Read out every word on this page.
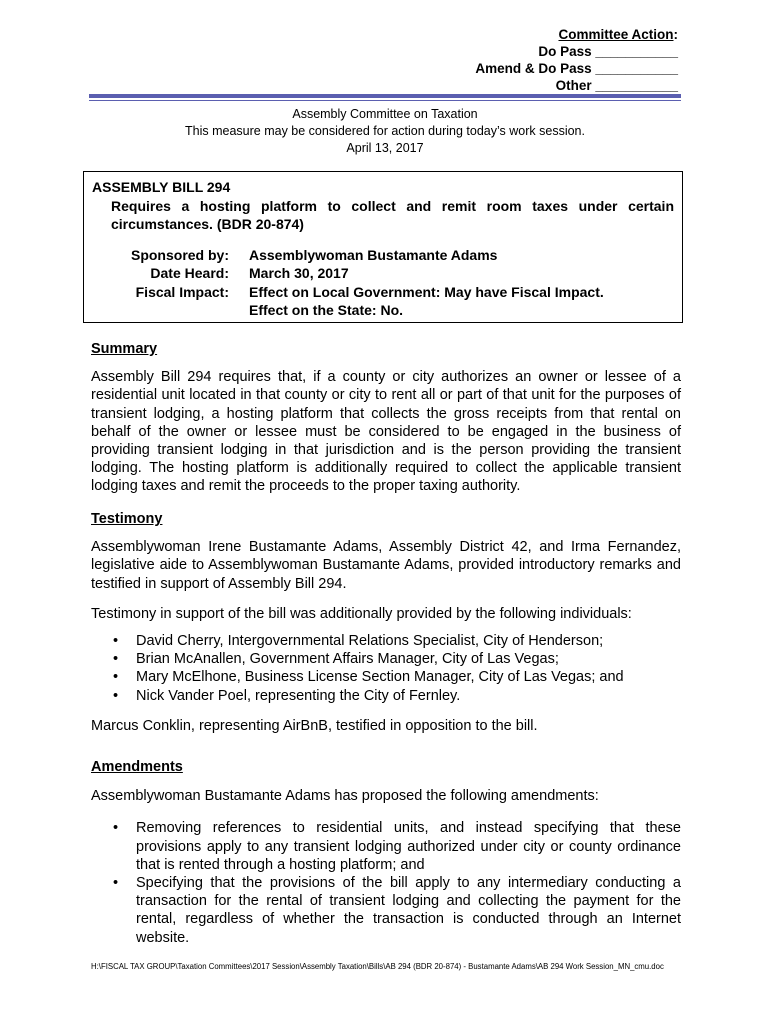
Committee Action:
Do Pass ___________
Amend & Do Pass ___________
Other ___________
Assembly Committee on Taxation
This measure may be considered for action during today’s work session.
April 13, 2017
ASSEMBLY BILL 294
Requires a hosting platform to collect and remit room taxes under certain circumstances. (BDR 20-874)
Sponsored by: Assemblywoman Bustamante Adams
Date Heard: March 30, 2017
Fiscal Impact: Effect on Local Government: May have Fiscal Impact.
Effect on the State: No.
Summary

Assembly Bill 294 requires that, if a county or city authorizes an owner or lessee of a residential unit located in that county or city to rent all or part of that unit for the purposes of transient lodging, a hosting platform that collects the gross receipts from that rental on behalf of the owner or lessee must be considered to be engaged in the business of providing transient lodging in that jurisdiction and is the person providing the transient lodging. The hosting platform is additionally required to collect the applicable transient lodging taxes and remit the proceeds to the proper taxing authority.

Testimony

Assemblywoman Irene Bustamante Adams, Assembly District 42, and Irma Fernandez, legislative aide to Assemblywoman Bustamante Adams, provided introductory remarks and testified in support of Assembly Bill 294.

Testimony in support of the bill was additionally provided by the following individuals:

• David Cherry, Intergovernmental Relations Specialist, City of Henderson;
• Brian McAnallen, Government Affairs Manager, City of Las Vegas;
• Mary McElhone, Business License Section Manager, City of Las Vegas; and
• Nick Vander Poel, representing the City of Fernley.

Marcus Conklin, representing AirBnB, testified in opposition to the bill.

Amendments

Assemblywoman Bustamante Adams has proposed the following amendments:

• Removing references to residential units, and instead specifying that these provisions apply to any transient lodging authorized under city or county ordinance that is rented through a hosting platform; and
• Specifying that the provisions of the bill apply to any intermediary conducting a transaction for the rental of transient lodging and collecting the payment for the rental, regardless of whether the transaction is conducted through an Internet website.
H:\FISCAL TAX GROUP\Taxation Committees\2017 Session\Assembly Taxation\Bills\AB 294 (BDR 20-874) - Bustamante Adams\AB 294 Work Session_MN_cmu.doc
